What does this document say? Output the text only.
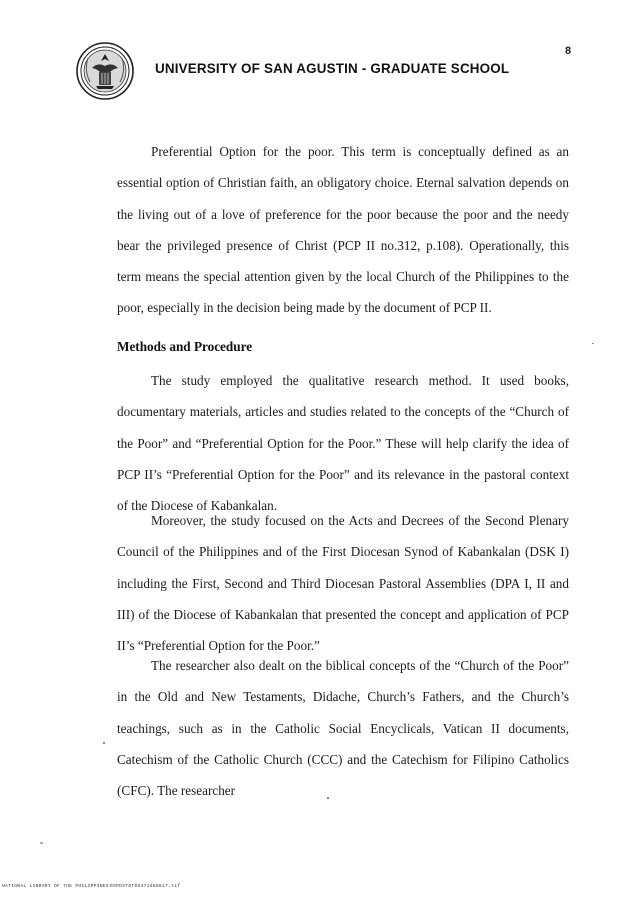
UNIVERSITY OF SAN AGUSTIN - GRADUATE SCHOOL
8
Preferential Option for the poor. This term is conceptually defined as an essential option of Christian faith, an obligatory choice. Eternal salvation depends on the living out of a love of preference for the poor because the poor and the needy bear the privileged presence of Christ (PCP II no.312, p.108). Operationally, this term means the special attention given by the local Church of the Philippines to the poor, especially in the decision being made by the document of PCP II.
Methods and Procedure
The study employed the qualitative research method. It used books, documentary materials, articles and studies related to the concepts of the “Church of the Poor” and “Preferential Option for the Poor.” These will help clarify the idea of PCP II’s “Preferential Option for the Poor” and its relevance in the pastoral context of the Diocese of Kabankalan.
Moreover, the study focused on the Acts and Decrees of the Second Plenary Council of the Philippines and of the First Diocesan Synod of Kabankalan (DSK I) including the First, Second and Third Diocesan Pastoral Assemblies (DPA I, II and III) of the Diocese of Kabankalan that presented the concept and application of PCP II’s “Preferential Option for the Poor.”
The researcher also dealt on the biblical concepts of the “Church of the Poor” in the Old and New Testaments, Didache, Church’s Fathers, and the Church’s teachings, such as in the Catholic Social Encyclicals, Vatican II documents, Catechism of the Catholic Church (CCC) and the Catechism for Filipino Catholics (CFC). The researcher
NATIONAL LIBRARY OF THE PHILIPPINES RSPDSTDTD5471d88817.tif
